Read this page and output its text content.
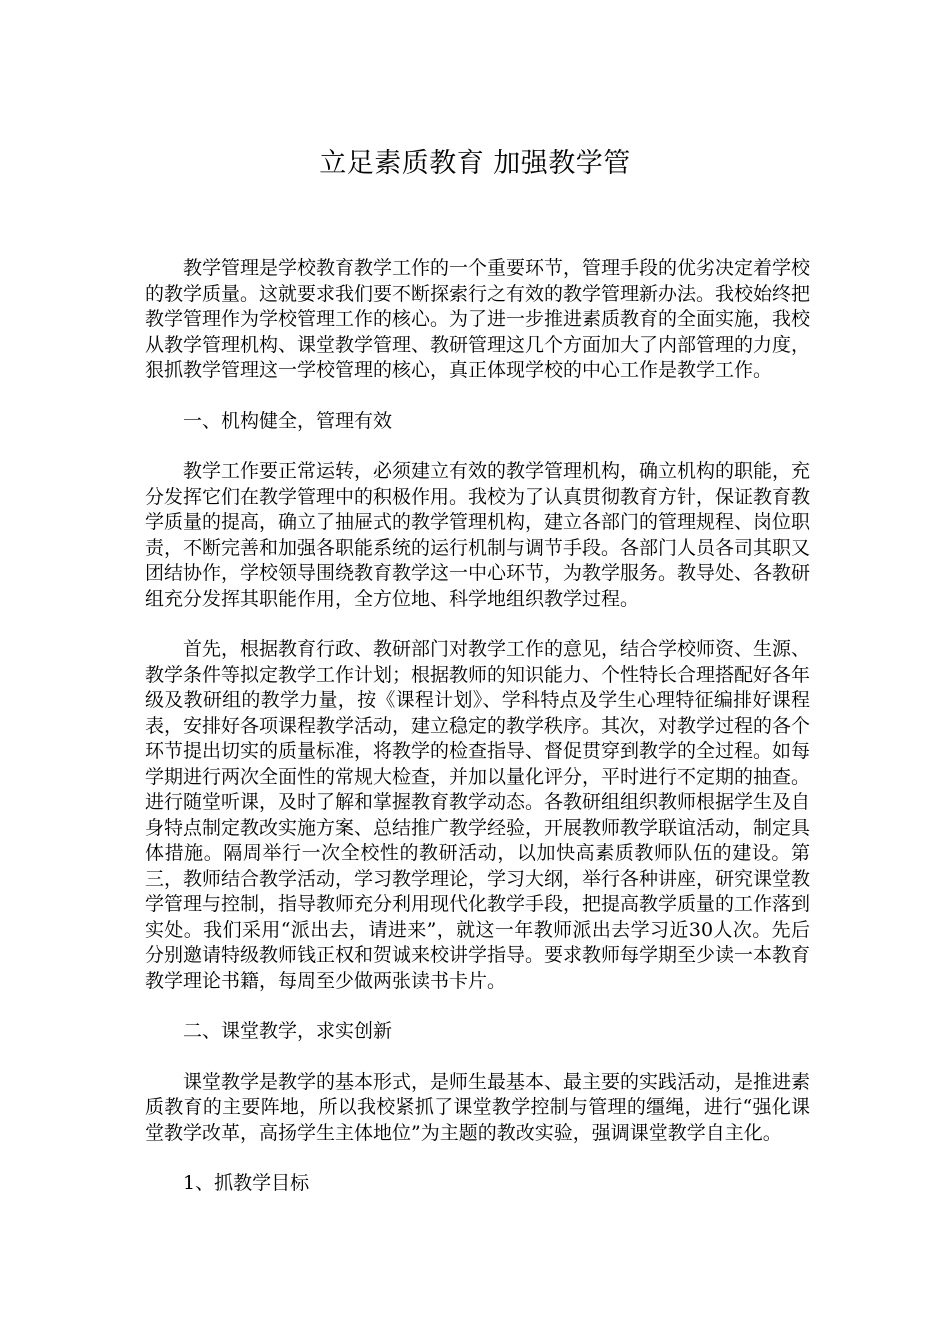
立足素质教育 加强教学管

教学管理是学校教育教学工作的一个重要环节，管理手段的优劣决定着学校的教学质量。这就要求我们要不断探索行之有效的教学管理新办法。我校始终把教学管理作为学校管理工作的核心。为了进一步推进素质教育的全面实施，我校从教学管理机构、课堂教学管理、教研管理这几个方面加大了内部管理的力度，狠抓教学管理这一学校管理的核心，真正体现学校的中心工作是教学工作。

一、机构健全，管理有效

教学工作要正常运转，必须建立有效的教学管理机构，确立机构的职能，充分发挥它们在教学管理中的积极作用。我校为了认真贯彻教育方针，保证教育教学质量的提高，确立了抽屉式的教学管理机构，建立各部门的管理规程、岗位职责，不断完善和加强各职能系统的运行机制与调节手段。各部门人员各司其职又团结协作，学校领导围绕教育教学这一中心环节，为教学服务。教导处、各教研组充分发挥其职能作用，全方位地、科学地组织教学过程。

首先，根据教育行政、教研部门对教学工作的意见，结合学校师资、生源、教学条件等拟定教学工作计划；根据教师的知识能力、个性特长合理搭配好各年级及教研组的教学力量，按《课程计划》、学科特点及学生心理特征编排好课程表，安排好各项课程教学活动，建立稳定的教学秩序。其次，对教学过程的各个环节提出切实的质量标准，将教学的检查指导、督促贯穿到教学的全过程。如每学期进行两次全面性的常规大检查，并加以量化评分，平时进行不定期的抽查。进行随堂听课，及时了解和掌握教育教学动态。各教研组组织教师根据学生及自身特点制定教改实施方案、总结推广教学经验，开展教师教学联谊活动，制定具体措施。隔周举行一次全校性的教研活动，以加快高素质教师队伍的建设。第三，教师结合教学活动，学习教学理论，学习大纲，举行各种讲座，研究课堂教学管理与控制，指导教师充分利用现代化教学手段，把提高教学质量的工作落到实处。我们采用“派出去，请进来”，就这一年教师派出去学习近30人次。先后分别邀请特级教师钱正权和贺诚来校讲学指导。要求教师每学期至少读一本教育教学理论书籍，每周至少做两张读书卡片。

二、课堂教学，求实创新

课堂教学是教学的基本形式，是师生最基本、最主要的实践活动，是推进素质教育的主要阵地，所以我校紧抓了课堂教学控制与管理的缰绳，进行“强化课堂教学改革，高扬学生主体地位”为主题的教改实验，强调课堂教学自主化。

1、抓教学目标
